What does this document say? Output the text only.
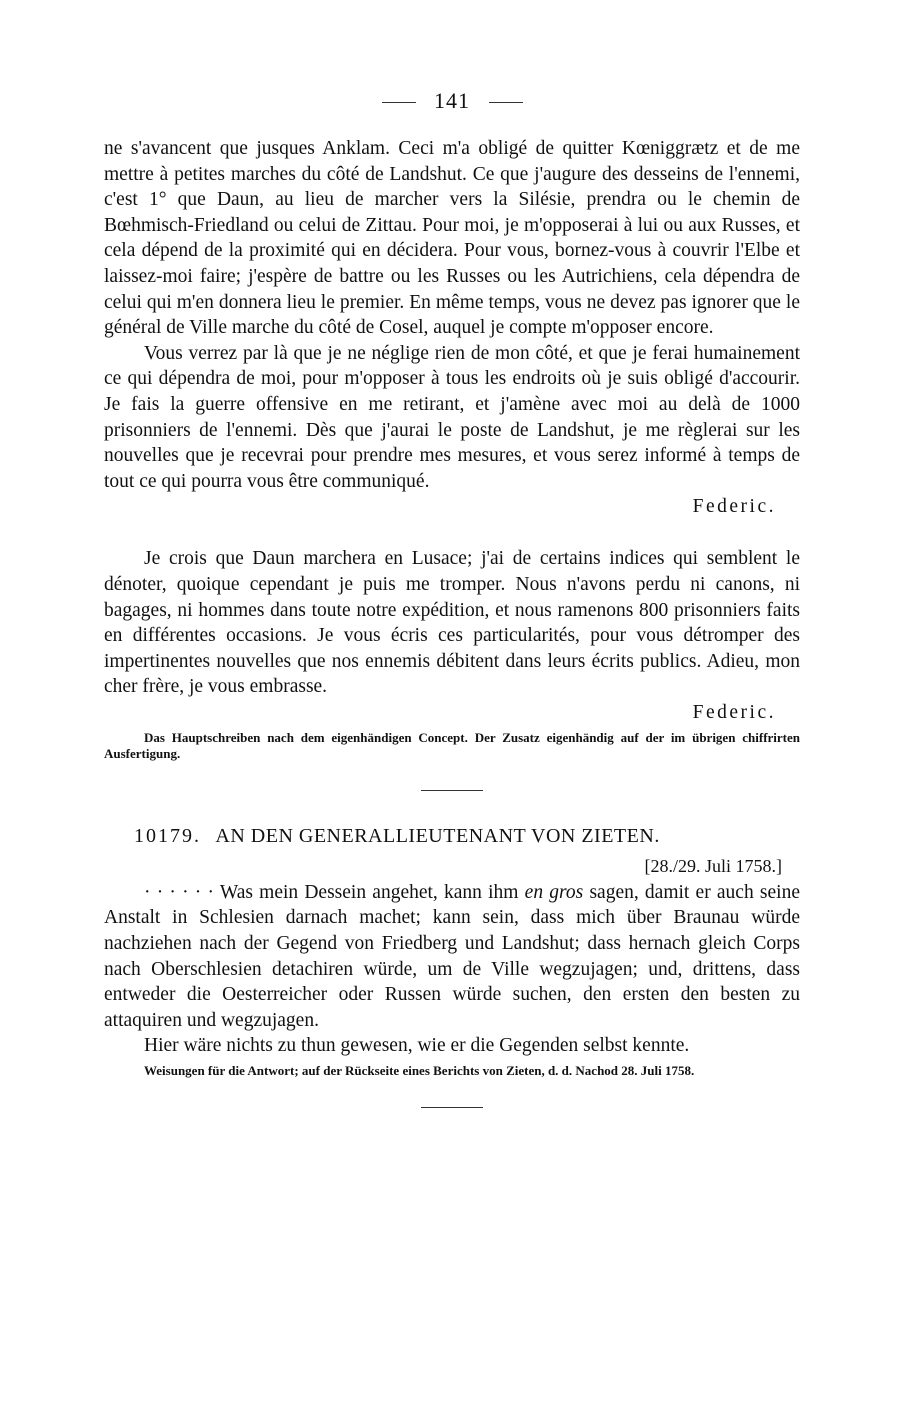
141

ne s'avancent que jusques Anklam. Ceci m'a obligé de quitter Kœniggrætz et de me mettre à petites marches du côté de Landshut. Ce que j'augure des desseins de l'ennemi, c'est 1° que Daun, au lieu de marcher vers la Silésie, prendra ou le chemin de Bœhmisch-Friedland ou celui de Zittau. Pour moi, je m'opposerai à lui ou aux Russes, et cela dépend de la proximité qui en décidera. Pour vous, bornez-vous à couvrir l'Elbe et laissez-moi faire; j'espère de battre ou les Russes ou les Autrichiens, cela dépendra de celui qui m'en donnera lieu le premier. En même temps, vous ne devez pas ignorer que le général de Ville marche du côté de Cosel, auquel je compte m'opposer encore.

Vous verrez par là que je ne néglige rien de mon côté, et que je ferai humainement ce qui dépendra de moi, pour m'opposer à tous les endroits où je suis obligé d'accourir. Je fais la guerre offensive en me retirant, et j'amène avec moi au delà de 1000 prisonniers de l'ennemi. Dès que j'aurai le poste de Landshut, je me règlerai sur les nouvelles que je recevrai pour prendre mes mesures, et vous serez informé à temps de tout ce qui pourra vous être communiqué.

Federic.

Je crois que Daun marchera en Lusace; j'ai de certains indices qui semblent le dénoter, quoique cependant je puis me tromper. Nous n'avons perdu ni canons, ni bagages, ni hommes dans toute notre expédition, et nous ramenons 800 prisonniers faits en différentes occasions. Je vous écris ces particularités, pour vous détromper des impertinentes nouvelles que nos ennemis débitent dans leurs écrits publics. Adieu, mon cher frère, je vous embrasse.

Federic.

Das Hauptschreiben nach dem eigenhändigen Concept. Der Zusatz eigenhändig auf der im übrigen chiffrirten Ausfertigung.

10179. AN DEN GENERALLIEUTENANT VON ZIETEN.

[28./29. Juli 1758.]

· · · · · · Was mein Dessein angehet, kann ihm en gros sagen, damit er auch seine Anstalt in Schlesien darnach machet; kann sein, dass mich über Braunau würde nachziehen nach der Gegend von Friedberg und Landshut; dass hernach gleich Corps nach Oberschlesien detachiren würde, um de Ville wegzujagen; und, drittens, dass entweder die Oesterreicher oder Russen würde suchen, den ersten den besten zu attaquiren und wegzujagen.

Hier wäre nichts zu thun gewesen, wie er die Gegenden selbst kennte.

Weisungen für die Antwort; auf der Rückseite eines Berichts von Zieten, d. d. Nachod 28. Juli 1758.
